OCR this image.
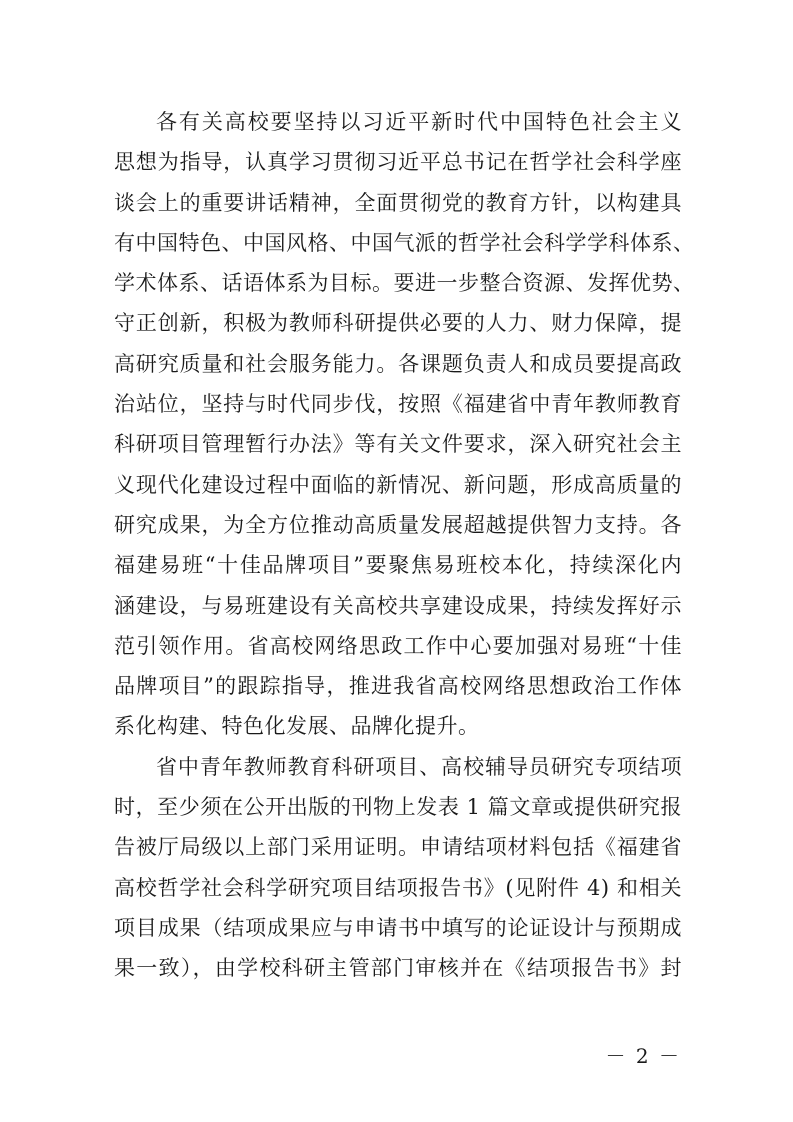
各有关高校要坚持以习近平新时代中国特色社会主义
思想为指导，认真学习贯彻习近平总书记在哲学社会科学座
谈会上的重要讲话精神，全面贯彻党的教育方针，以构建具
有中国特色、中国风格、中国气派的哲学社会科学学科体系、
学术体系、话语体系为目标。要进一步整合资源、发挥优势、
守正创新，积极为教师科研提供必要的人力、财力保障，提
高研究质量和社会服务能力。各课题负责人和成员要提高政
治站位，坚持与时代同步伐，按照《福建省中青年教师教育
科研项目管理暂行办法》等有关文件要求，深入研究社会主
义现代化建设过程中面临的新情况、新问题，形成高质量的
研究成果，为全方位推动高质量发展超越提供智力支持。各
福建易班“十佳品牌项目”要聚焦易班校本化，持续深化内
涵建设，与易班建设有关高校共享建设成果，持续发挥好示
范引领作用。省高校网络思政工作中心要加强对易班“十佳
品牌项目”的跟踪指导，推进我省高校网络思想政治工作体
系化构建、特色化发展、品牌化提升。
省中青年教师教育科研项目、高校辅导员研究专项结项
时，至少须在公开出版的刊物上发表 1 篇文章或提供研究报
告被厅局级以上部门采用证明。申请结项材料包括《福建省
高校哲学社会科学研究项目结项报告书》(见附件 4) 和相关
项目成果（结项成果应与申请书中填写的论证设计与预期成
果一致），由学校科研主管部门审核并在《结项报告书》封
－ 2 －
